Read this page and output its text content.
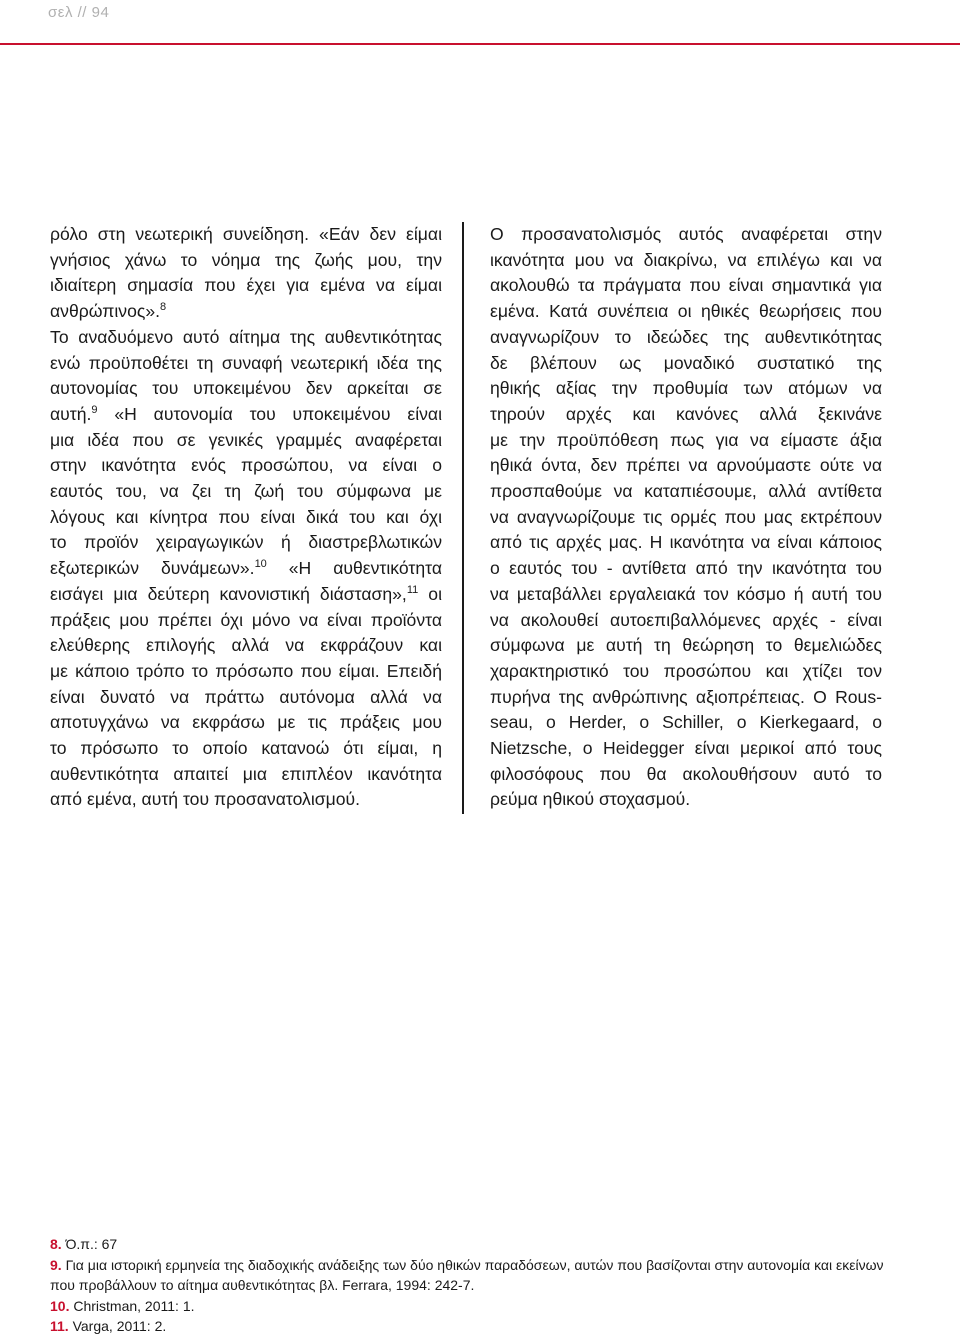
σελ // 94
ρόλο στη νεωτερική συνείδηση. «Εάν δεν είμαι
γνήσιος χάνω το νόημα της ζωής μου, την
ιδιαίτερη σημασία που έχει για εμένα να είμαι
ανθρώπινος».$^8$
Το αναδυόμενο αυτό αίτημα της αυθεντικότητας
ενώ προϋποθέτει τη συναφή νεωτερική ιδέα της
αυτονομίας του υποκειμένου δεν αρκείται σε
αυτή.$^9$ «Η αυτονομία του υποκειμένου είναι
μια ιδέα που σε γενικές γραμμές αναφέρεται
στην ικανότητα ενός προσώπου, να είναι ο
εαυτός του, να ζει τη ζωή του σύμφωνα με
λόγους και κίνητρα που είναι δικά του και όχι
το προϊόν χειραγωγικών ή διαστρεβλωτικών
εξωτερικών δυνάμεων».$^{10}$ «Η αυθεντικότητα
εισάγει μια δεύτερη κανονιστική διάσταση»,$^{11}$ οι
πράξεις μου πρέπει όχι μόνο να είναι προϊόντα
ελεύθερης επιλογής αλλά να εκφράζουν και
με κάποιο τρόπο το πρόσωπο που είμαι. Επειδή
είναι δυνατό να πράττω αυτόνομα αλλά να
αποτυγχάνω να εκφράσω με τις πράξεις μου
το πρόσωπο το οποίο κατανοώ ότι είμαι, η
αυθεντικότητα απαιτεί μια επιπλέον ικανότητα
από εμένα, αυτή του προσανατολισμού.
Ο προσανατολισμός αυτός αναφέρεται στην
ικανότητα μου να διακρίνω, να επιλέγω και να
ακολουθώ τα πράγματα που είναι σημαντικά για
εμένα. Κατά συνέπεια οι ηθικές θεωρήσεις που
αναγνωρίζουν το ιδεώδες της αυθεντικότητας
δε βλέπουν ως μοναδικό συστατικό της
ηθικής αξίας την προθυμία των ατόμων να
τηρούν αρχές και κανόνες αλλά ξεκινάνε
με την προϋπόθεση πως για να είμαστε άξια
ηθικά όντα, δεν πρέπει να αρνούμαστε ούτε να
προσπαθούμε να καταπιέσουμε, αλλά αντίθετα
να αναγνωρίζουμε τις ορμές που μας εκτρέπουν
από τις αρχές μας. Η ικανότητα να είναι κάποιος
ο εαυτός του - αντίθετα από την ικανότητα του
να μεταβάλλει εργαλειακά τον κόσμο ή αυτή του
να ακολουθεί αυτοεπιβαλλόμενες αρχές - είναι
σύμφωνα με αυτή τη θεώρηση το θεμελιώδες
χαρακτηριστικό του προσώπου και χτίζει τον
πυρήνα της ανθρώπινης αξιοπρέπειας. Ο Rous-
seau, ο Herder, ο Schiller, ο Kierkegaard, ο
Nietzsche, ο Heidegger είναι μερικοί από τους
φιλοσόφους που θα ακολουθήσουν αυτό το
ρεύμα ηθικού στοχασμού.
8. Ό.π.: 67
9. Για μια ιστορική ερμηνεία της διαδοχικής ανάδειξης των δύο ηθικών παραδόσεων, αυτών που βασίζονται στην αυτονομία και εκείνων που προβάλλουν το αίτημα αυθεντικότητας βλ. Ferrara, 1994: 242-7.
10. Christman, 2011: 1.
11. Varga, 2011: 2.
